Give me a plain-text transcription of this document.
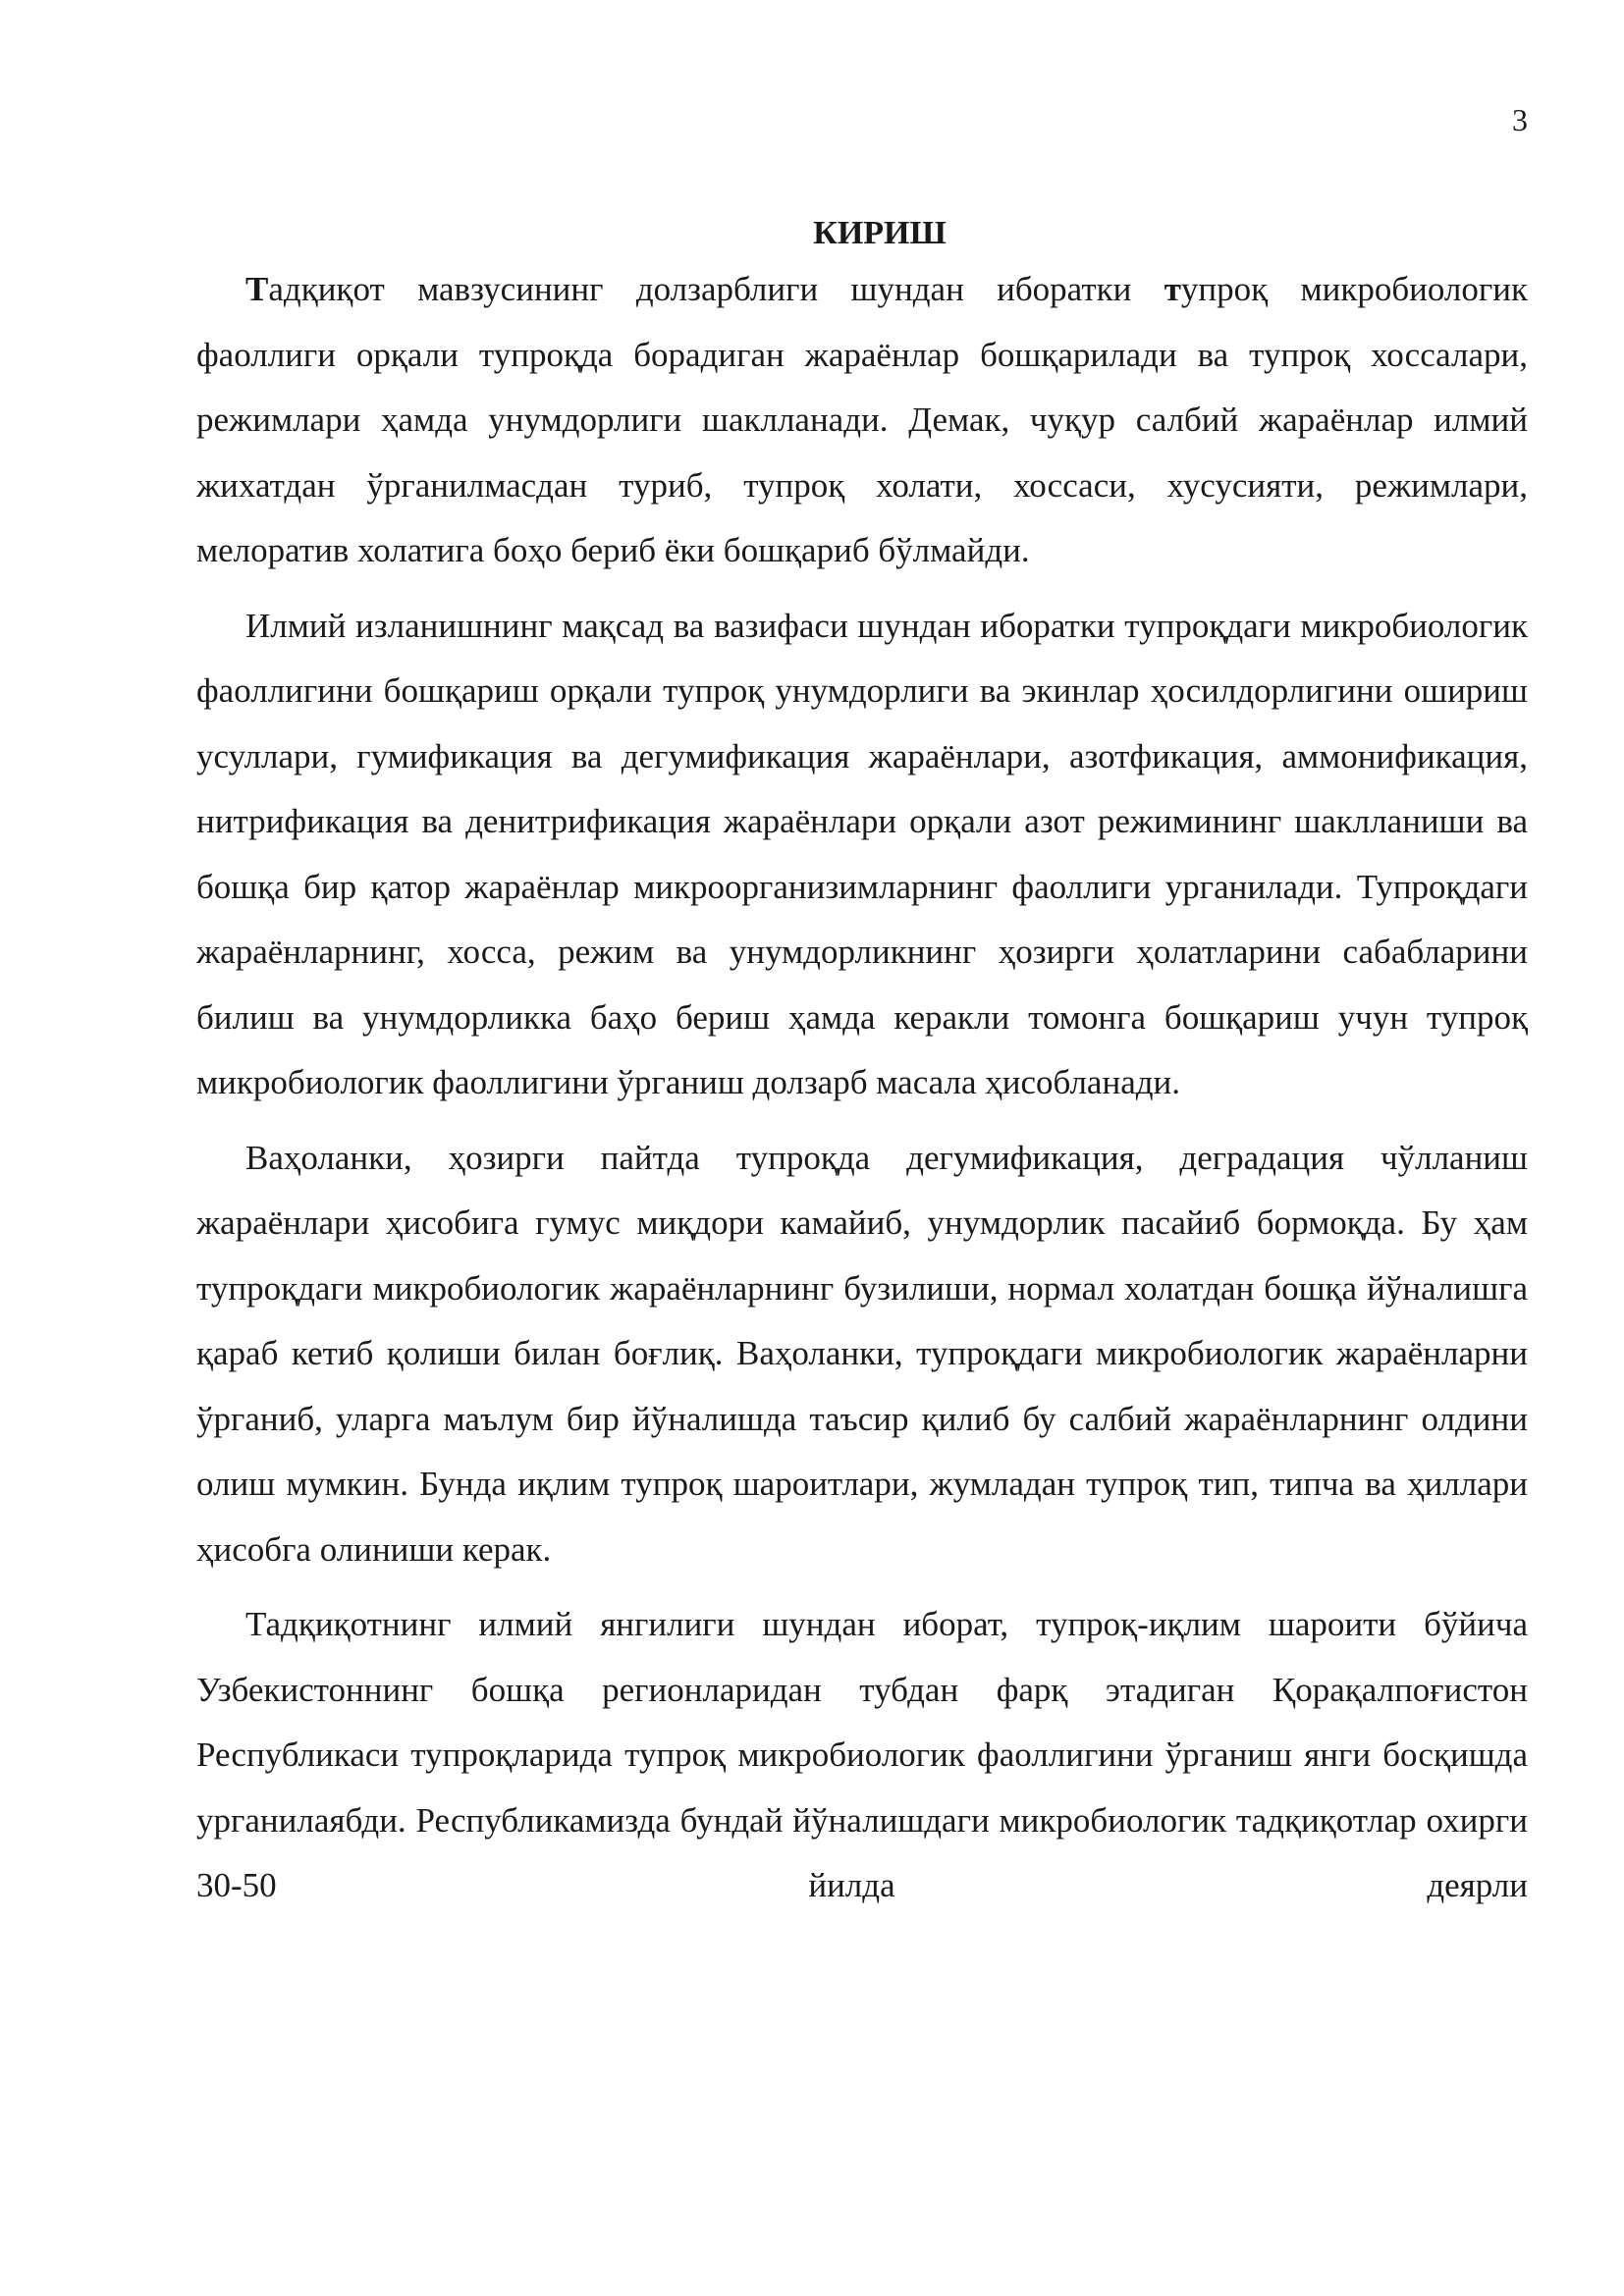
3
КИРИШ

Тадқиқот мавзусининг долзарблиги шундан иборатки тупроқ микробиологик фаоллиги орқали тупроқда борадиган жараёнлар бошқарилади ва тупроқ хоссалари, режимлари ҳамда унумдорлиги шаклланади. Демак, чуқур салбий жараёнлар илмий жихатдан ўрганилмасдан туриб, тупроқ холати, хоссаси, хусусияти, режимлари, мелоратив холатига боҳо бериб ёки бошқариб бўлмайди.

Илмий изланишнинг мақсад ва вазифаси шундан иборатки тупроқдаги микробиологик фаоллигини бошқариш орқали тупроқ унумдорлиги ва экинлар ҳосилдорлигини ошириш усуллари, гумификация ва дегумификация жараёнлари, азотфикация, аммонификация, нитрификация ва денитрификация жараёнлари орқали азот режимининг шаклланиши ва бошқа бир қатор жараёнлар микроорганизимларнинг фаоллиги урганилади. Тупроқдаги жараёнларнинг, хосса, режим ва унумдорликнинг ҳозирги ҳолатларини сабабларини билиш ва унумдорликка баҳо бериш ҳамда керакли томонга бошқариш учун тупроқ микробиологик фаоллигини ўрганиш долзарб масала ҳисобланади.

Ваҳоланки, ҳозирги пайтда тупроқда дегумификация, деградация чўлланиш жараёнлари ҳисобига гумус миқдори камайиб, унумдорлик пасайиб бормоқда. Бу ҳам тупроқдаги микробиологик жараёнларнинг бузилиши, нормал холатдан бошқа йўналишга қараб кетиб қолиши билан боғлиқ. Ваҳоланки, тупроқдаги микробиологик жараёнларни ўрганиб, уларга маълум бир йўналишда таъсир қилиб бу салбий жараёнларнинг олдини олиш мумкин. Бунда иқлим тупроқ шароитлари, жумладан тупроқ тип, типча ва ҳиллари ҳисобга олиниши керак.

Тадқиқотнинг илмий янгилиги шундан иборат, тупроқ-иқлим шароити бўйича Узбекистоннинг бошқа регионларидан тубдан фарқ этадиган Қорақалпоғистон Республикаси тупроқларида тупроқ микробиологик фаоллигини ўрганиш янги босқишда урганилаябди. Республикамизда бундай йўналишдаги микробиологик тадқиқотлар охирги 30-50 йилда деярли
